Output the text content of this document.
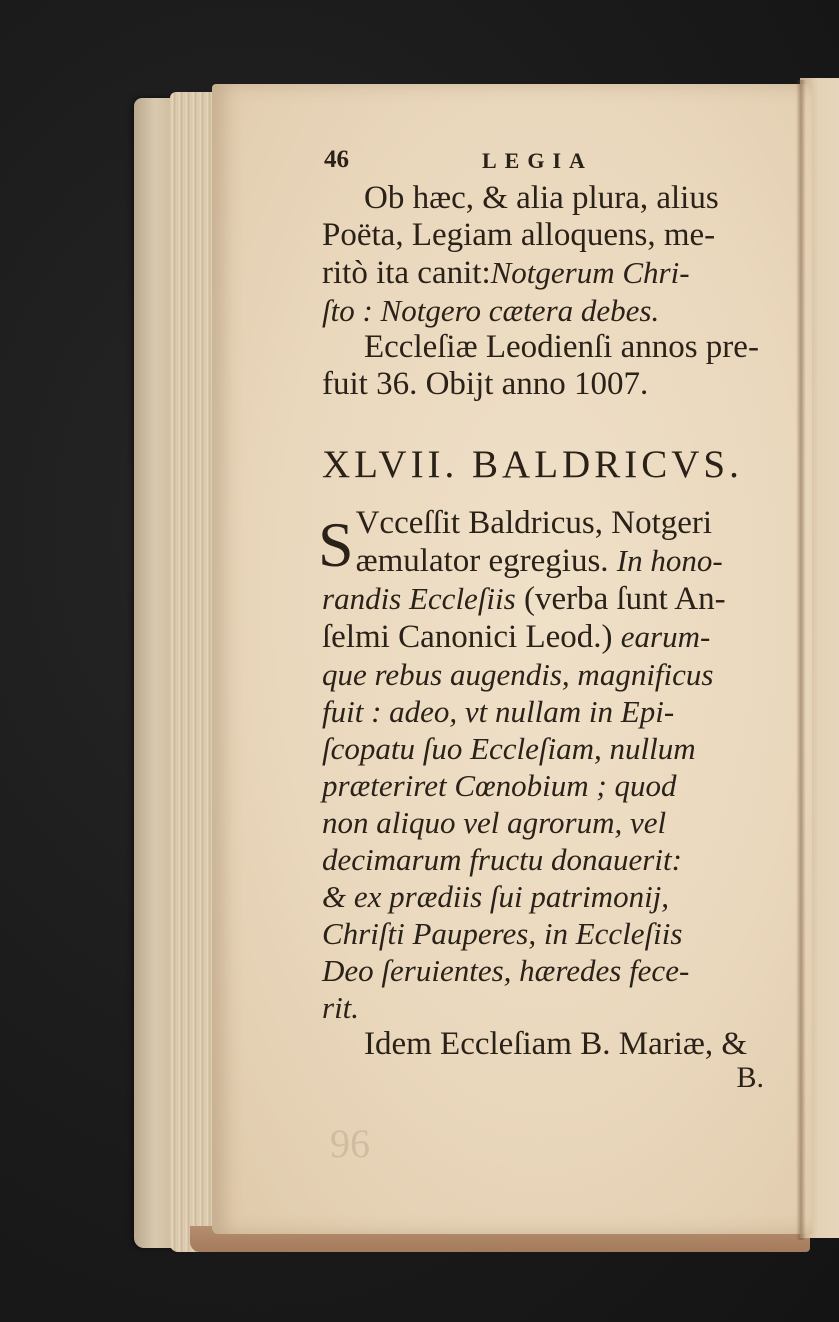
96
46	LEGIA
Ob hæc, & alia plura, alius
Poëta, Legiam alloquens, me-
ritò ita canit:Notgerum Chri-
ſto : Notgero cætera debes.
Eccleſiæ Leodienſi annos pre-
fuit 36. Obijt anno 1007.
XLVII. BALDRICVS.
S Vcceſſit Baldricus, Notgeri
æmulator egregius. In hono-
randis Eccleſiis (verba ſunt An-
ſelmi Canonici Leod.) earum-
que rebus augendis, magnificus
fuit : adeo, vt nullam in Epi-
ſcopatu ſuo Eccleſiam, nullum
præteriret Cœnobium ; quod
non aliquo vel agrorum, vel
decimarum fructu donauerit:
& ex prædiis ſui patrimonij,
Chriſti Pauperes, in Eccleſiis
Deo ſeruientes, hæredes fece-
rit.
Idem Eccleſiam B. Mariæ, &
B.
